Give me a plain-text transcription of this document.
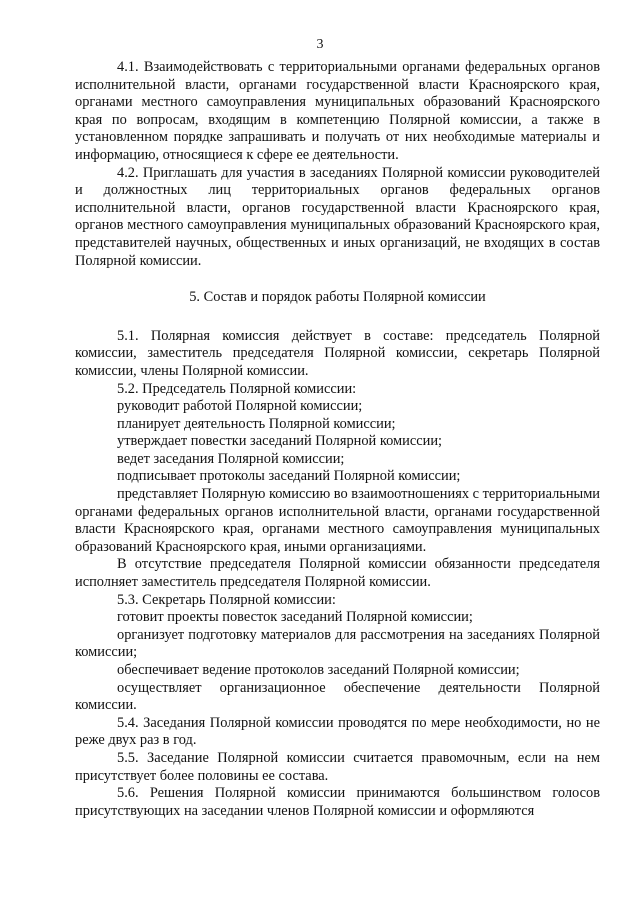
3

4.1. Взаимодействовать с территориальными органами федеральных органов исполнительной власти, органами государственной власти Красноярского края, органами местного самоуправления муниципальных образований Красноярского края по вопросам, входящим в компетенцию Полярной комиссии, а также в установленном порядке запрашивать и получать от них необходимые материалы и информацию, относящиеся к сфере ее деятельности.

4.2. Приглашать для участия в заседаниях Полярной комиссии руководителей и должностных лиц территориальных органов федеральных органов исполнительной власти, органов государственной власти Красноярского края, органов местного самоуправления муниципальных образований Красноярского края, представителей научных, общественных и иных организаций, не входящих в состав Полярной комиссии.

5. Состав и порядок работы Полярной комиссии

5.1. Полярная комиссия действует в составе: председатель Полярной комиссии, заместитель председателя Полярной комиссии, секретарь Полярной комиссии, члены Полярной комиссии.

5.2. Председатель Полярной комиссии:

руководит работой Полярной комиссии;

планирует деятельность Полярной комиссии;

утверждает повестки заседаний Полярной комиссии;

ведет заседания Полярной комиссии;

подписывает протоколы заседаний Полярной комиссии;

представляет Полярную комиссию во взаимоотношениях с территориальными органами федеральных органов исполнительной власти, органами государственной власти Красноярского края, органами местного самоуправления муниципальных образований Красноярского края, иными организациями.

В отсутствие председателя Полярной комиссии обязанности председателя исполняет заместитель председателя Полярной комиссии.

5.3. Секретарь Полярной комиссии:

готовит проекты повесток заседаний Полярной комиссии;

организует подготовку материалов для рассмотрения на заседаниях Полярной комиссии;

обеспечивает ведение протоколов заседаний Полярной комиссии;

осуществляет организационное обеспечение деятельности Полярной комиссии.

5.4. Заседания Полярной комиссии проводятся по мере необходимости, но не реже двух раз в год.

5.5. Заседание Полярной комиссии считается правомочным, если на нем присутствует более половины ее состава.

5.6. Решения Полярной комиссии принимаются большинством голосов присутствующих на заседании членов Полярной комиссии и оформляются
